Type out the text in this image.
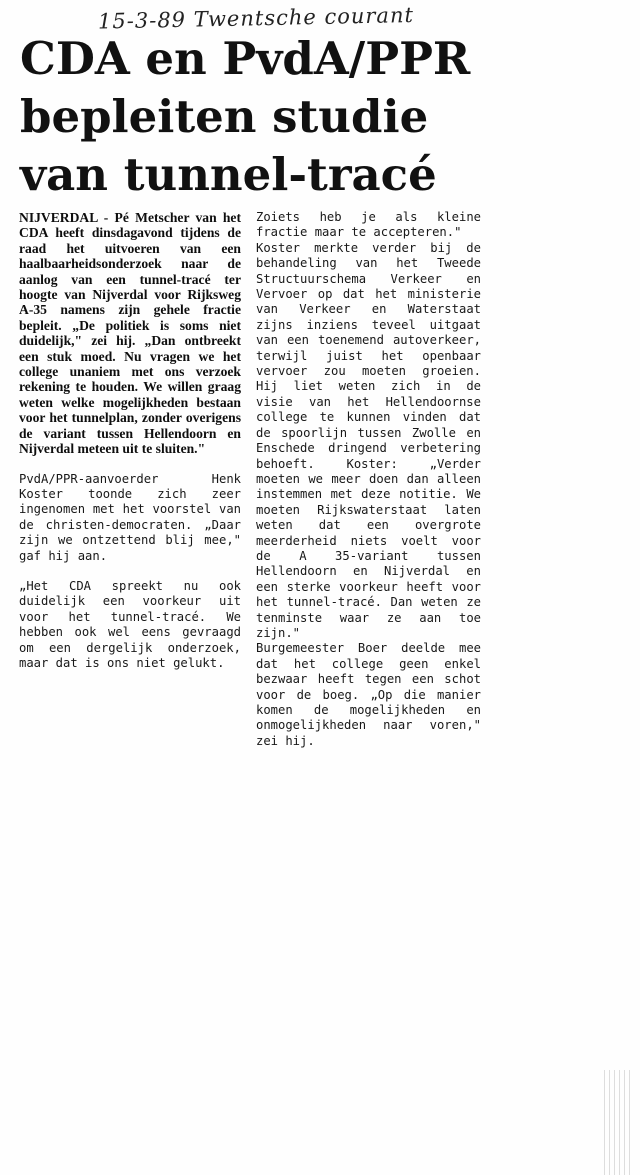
15-3-89 Twentsche courant
CDA en PvdA/PPR
bepleiten studie
van tunnel-tracé

NIJVERDAL - Pé Metscher van het CDA heeft dinsdagavond tijdens de raad het uitvoeren van een haalbaarheidsonderzoek naar de aanlog van een tunnel-tracé ter hoogte van Nijverdal voor Rijksweg A-35 namens zijn gehele fractie bepleit. „De politiek is soms niet duidelijk," zei hij. „Dan ontbreekt een stuk moed. Nu vragen we het college unaniem met ons verzoek rekening te houden. We willen graag weten welke mogelijkheden bestaan voor het tunnelplan, zonder overigens de variant tussen Hellendoorn en Nijverdal meteen uit te sluiten."

PvdA/PPR-aanvoerder Henk Koster toonde zich zeer ingenomen met het voorstel van de christen-democraten. „Daar zijn we ontzettend blij mee," gaf hij aan.

„Het CDA spreekt nu ook duidelijk een voorkeur uit voor het tunnel-tracé. We hebben ook wel eens gevraagd om een dergelijk onderzoek, maar dat is ons niet gelukt.

Zoiets heb je als kleine fractie maar te accepteren."

Koster merkte verder bij de behandeling van het Tweede Structuurschema Verkeer en Vervoer op dat het ministerie van Verkeer en Waterstaat zijns inziens teveel uitgaat van een toenemend autoverkeer, terwijl juist het openbaar vervoer zou moeten groeien. Hij liet weten zich in de visie van het Hellendoornse college te kunnen vinden dat de spoorlijn tussen Zwolle en Enschede dringend verbetering behoeft. Koster: „Verder moeten we meer doen dan alleen instemmen met deze notitie. We moeten Rijkswaterstaat laten weten dat een overgrote meerderheid niets voelt voor de A 35-variant tussen Hellendoorn en Nijverdal en een sterke voorkeur heeft voor het tunnel-tracé. Dan weten ze tenminste waar ze aan toe zijn."

Burgemeester Boer deelde mee dat het college geen enkel bezwaar heeft tegen een schot voor de boeg. „Op die manier komen de mogelijkheden en onmogelijkheden naar voren," zei hij.
